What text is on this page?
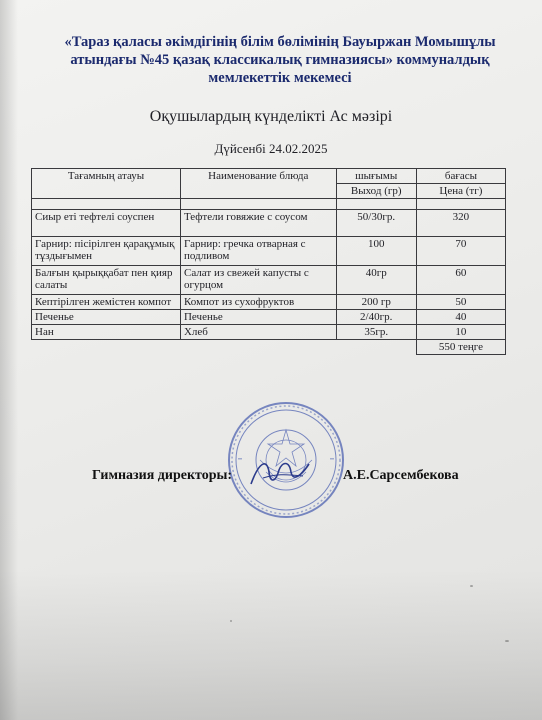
«Тараз қаласы әкімдігінің білім бөлімінің Бауыржан Момышұлы
атындағы №45 қазақ классикалық гимназиясы» коммуналдық
мемлекеттік мекемесі
Оқушылардың күнделікті Ас мәзірі
Дүйсенбі 24.02.2025
Тағамның атауы	Наименование блюда	шығымы	бағасы
		Выход (гр)	Цена (тг)

Сиыр еті тефтелі соуспен	Тефтели говяжие с соусом	50/30гр.	320
Гарнир: пісірілген қарақұмық тұздығымен	Гарнир: гречка отварная с подливом	100	70
Балғын қырыққабат пен қияр салаты	Салат из свежей капусты с огурцом	40гр	60
Кептірілген жемістен компот	Компот из сухофруктов	200 гр	50
Печенье	Печенье	2/40гр.	40
Нан	Хлеб	35гр.	10
			550 теңге
Гимназия директоры:	А.Е.Сарсембекова
